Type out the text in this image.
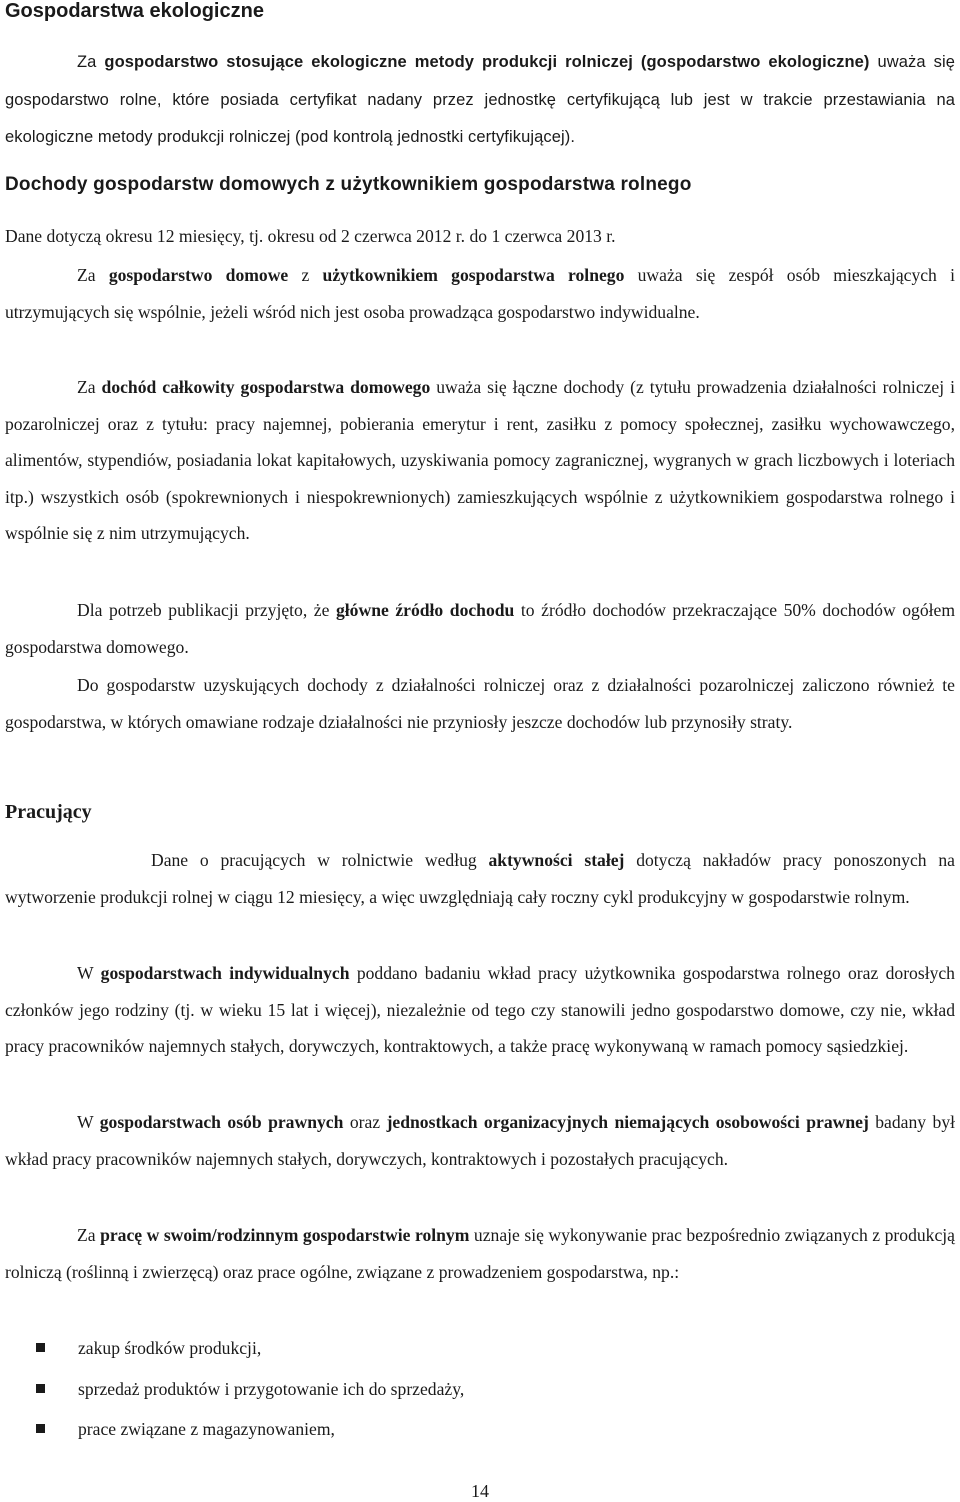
Gospodarstwa ekologiczne

Za gospodarstwo stosujące ekologiczne metody produkcji rolniczej (gospodarstwo ekologiczne) uważa się gospodarstwo rolne, które posiada certyfikat nadany przez jednostkę certyfikującą lub jest w trakcie przestawiania na ekologiczne metody produkcji rolniczej (pod kontrolą jednostki certyfikującej).

Dochody gospodarstw domowych z użytkownikiem gospodarstwa rolnego

Dane dotyczą okresu 12 miesięcy, tj. okresu od 2 czerwca 2012 r. do 1 czerwca 2013 r.

Za gospodarstwo domowe z użytkownikiem gospodarstwa rolnego uważa się zespół osób mieszkających i utrzymujących się wspólnie, jeżeli wśród nich jest osoba prowadząca gospodarstwo indywidualne.

Za dochód całkowity gospodarstwa domowego uważa się łączne dochody (z tytułu prowadzenia działalności rolniczej i pozarolniczej oraz z tytułu: pracy najemnej, pobierania emerytur i rent, zasiłku z pomocy społecznej, zasiłku wychowawczego, alimentów, stypendiów, posiadania lokat kapitałowych, uzyskiwania pomocy zagranicznej, wygranych w grach liczbowych i loteriach itp.) wszystkich osób (spokrewnionych i niespokrewnionych) zamieszkujących wspólnie z użytkownikiem gospodarstwa rolnego i wspólnie się z nim utrzymujących.

Dla potrzeb publikacji przyjęto, że główne źródło dochodu to źródło dochodów przekraczające 50% dochodów ogółem gospodarstwa domowego.

Do gospodarstw uzyskujących dochody z działalności rolniczej oraz z działalności pozarolniczej zaliczono również te gospodarstwa, w których omawiane rodzaje działalności nie przyniosły jeszcze dochodów lub przynosiły straty.

Pracujący

Dane o pracujących w rolnictwie według aktywności stałej dotyczą nakładów pracy ponoszonych na wytworzenie produkcji rolnej w ciągu 12 miesięcy, a więc uwzględniają cały roczny cykl produkcyjny w gospodarstwie rolnym.

W gospodarstwach indywidualnych poddano badaniu wkład pracy użytkownika gospodarstwa rolnego oraz dorosłych członków jego rodziny (tj. w wieku 15 lat i więcej), niezależnie od tego czy stanowili jedno gospodarstwo domowe, czy nie, wkład pracy pracowników najemnych stałych, dorywczych, kontraktowych, a także pracę wykonywaną w ramach pomocy sąsiedzkiej.

W gospodarstwach osób prawnych oraz jednostkach organizacyjnych niemających osobowości prawnej badany był wkład pracy pracowników najemnych stałych, dorywczych, kontraktowych i pozostałych pracujących.

Za pracę w swoim/rodzinnym gospodarstwie rolnym uznaje się wykonywanie prac bezpośrednio związanych z produkcją rolniczą (roślinną i zwierzęcą) oraz prace ogólne, związane z prowadzeniem gospodarstwa, np.:

zakup środków produkcji,
sprzedaż produktów i przygotowanie ich do sprzedaży,
prace związane z magazynowaniem,
14
